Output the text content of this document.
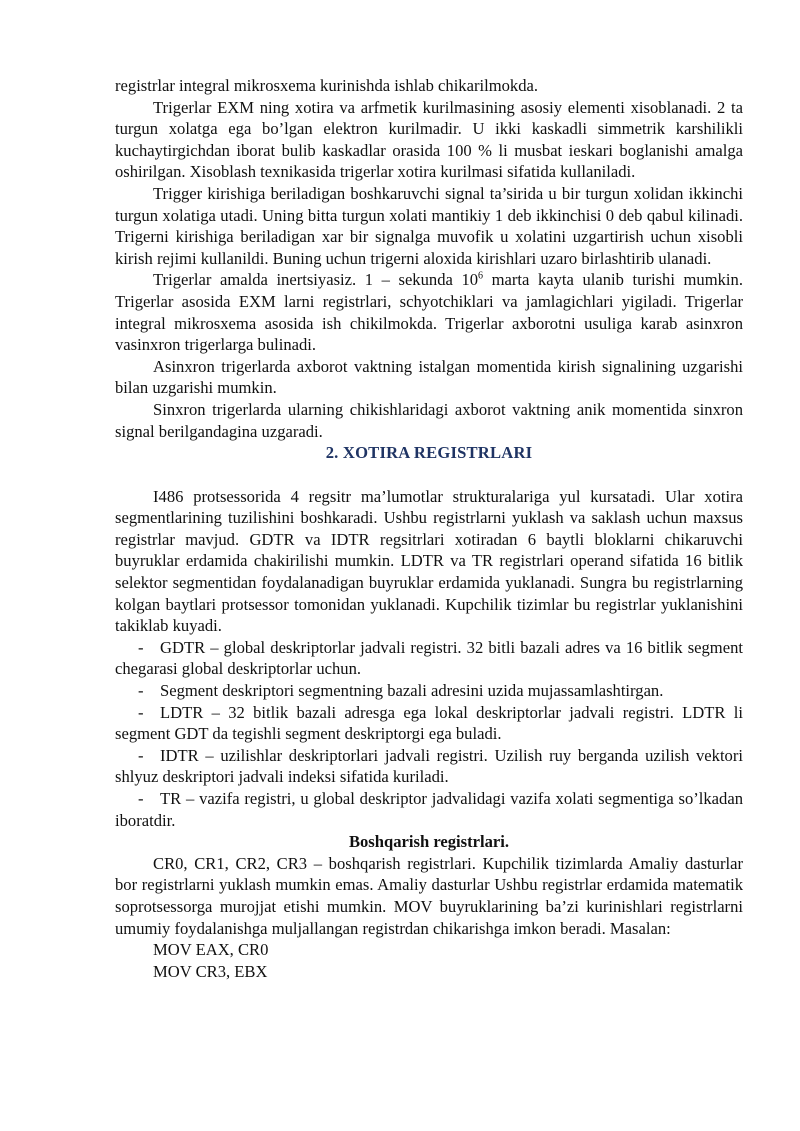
registrlar integral mikrosxema kurinishda ishlab chikarilmokda.

Trigerlar EXM ning xotira va arfmetik kurilmasining asosiy elementi xisoblanadi. 2 ta turgun xolatga ega bo’lgan elektron kurilmadir. U ikki kaskadli simmetrik karshilikli kuchaytirgichdan iborat bulib kaskadlar orasida 100 % li musbat ieskari boglanishi amalga oshirilgan. Xisoblash texnikasida trigerlar xotira kurilmasi sifatida kullaniladi.

Trigger kirishiga beriladigan boshkaruvchi signal ta’sirida u bir turgun xolidan ikkinchi turgun xolatiga utadi. Uning bitta turgun xolati mantikiy 1 deb ikkinchisi 0 deb qabul kilinadi. Trigerni kirishiga beriladigan xar bir signalga muvofik u xolatini uzgartirish uchun xisobli kirish rejimi kullanildi. Buning uchun trigerni aloxida kirishlari uzaro birlashtirib ulanadi.

Trigerlar amalda inertsiyasiz. 1 – sekunda $10^6$ marta kayta ulanib turishi mumkin. Trigerlar asosida EXM larni registrlari, schyotchiklari va jamlagichlari yigiladi. Trigerlar integral mikrosxema asosida ish chikilmokda. Trigerlar axborotni usuliga karab asinxron vasinxron trigerlarga bulinadi.

Asinxron trigerlarda axborot vaktning istalgan momentida kirish signalining uzgarishi bilan uzgarishi mumkin.

Sinxron trigerlarda ularning chikishlaridagi axborot vaktning anik momentida sinxron signal berilgandagina uzgaradi.

2. XOTIRA REGISTRLARI

I486 protsessorida 4 regsitr ma’lumotlar strukturalariga yul kursatadi. Ular xotira segmentlarining tuzilishini boshkaradi. Ushbu registrlarni yuklash va saklash uchun maxsus registrlar mavjud. GDTR va IDTR regsitrlari xotiradan 6 baytli bloklarni chikaruvchi buyruklar erdamida chakirilishi mumkin. LDTR va TR registrlari operand sifatida 16 bitlik selektor segmentidan foydalanadigan buyruklar erdamida yuklanadi. Sungra bu registrlarning kolgan baytlari protsessor tomonidan yuklanadi. Kupchilik tizimlar bu registrlar yuklanishini takiklab kuyadi.

- GDTR – global deskriptorlar jadvali registri. 32 bitli bazali adres va 16 bitlik segment chegarasi global deskriptorlar uchun.

- Segment deskriptori segmentning bazali adresini uzida mujassamlashtirgan.

- LDTR – 32 bitlik bazali adresga ega lokal deskriptorlar jadvali registri. LDTR li segment GDT da tegishli segment deskriptorgi ega buladi.

- IDTR – uzilishlar deskriptorlari jadvali registri. Uzilish ruy berganda uzilish vektori shlyuz deskriptori jadvali indeksi sifatida kuriladi.

- TR – vazifa registri, u global deskriptor jadvalidagi vazifa xolati segmentiga so’lkadan iboratdir.

Boshqarish registrlari.

CR0, CR1, CR2, CR3 – boshqarish registrlari. Kupchilik tizimlarda Amaliy dasturlar bor registrlarni yuklash mumkin emas. Amaliy dasturlar Ushbu registrlar erdamida matematik soprotsessorga murojjat etishi mumkin. MOV buyruklarining ba’zi kurinishlari registrlarni umumiy foydalanishga muljallangan registrdan chikarishga imkon beradi. Masalan:

MOV EAX, CR0

MOV CR3, EBX
